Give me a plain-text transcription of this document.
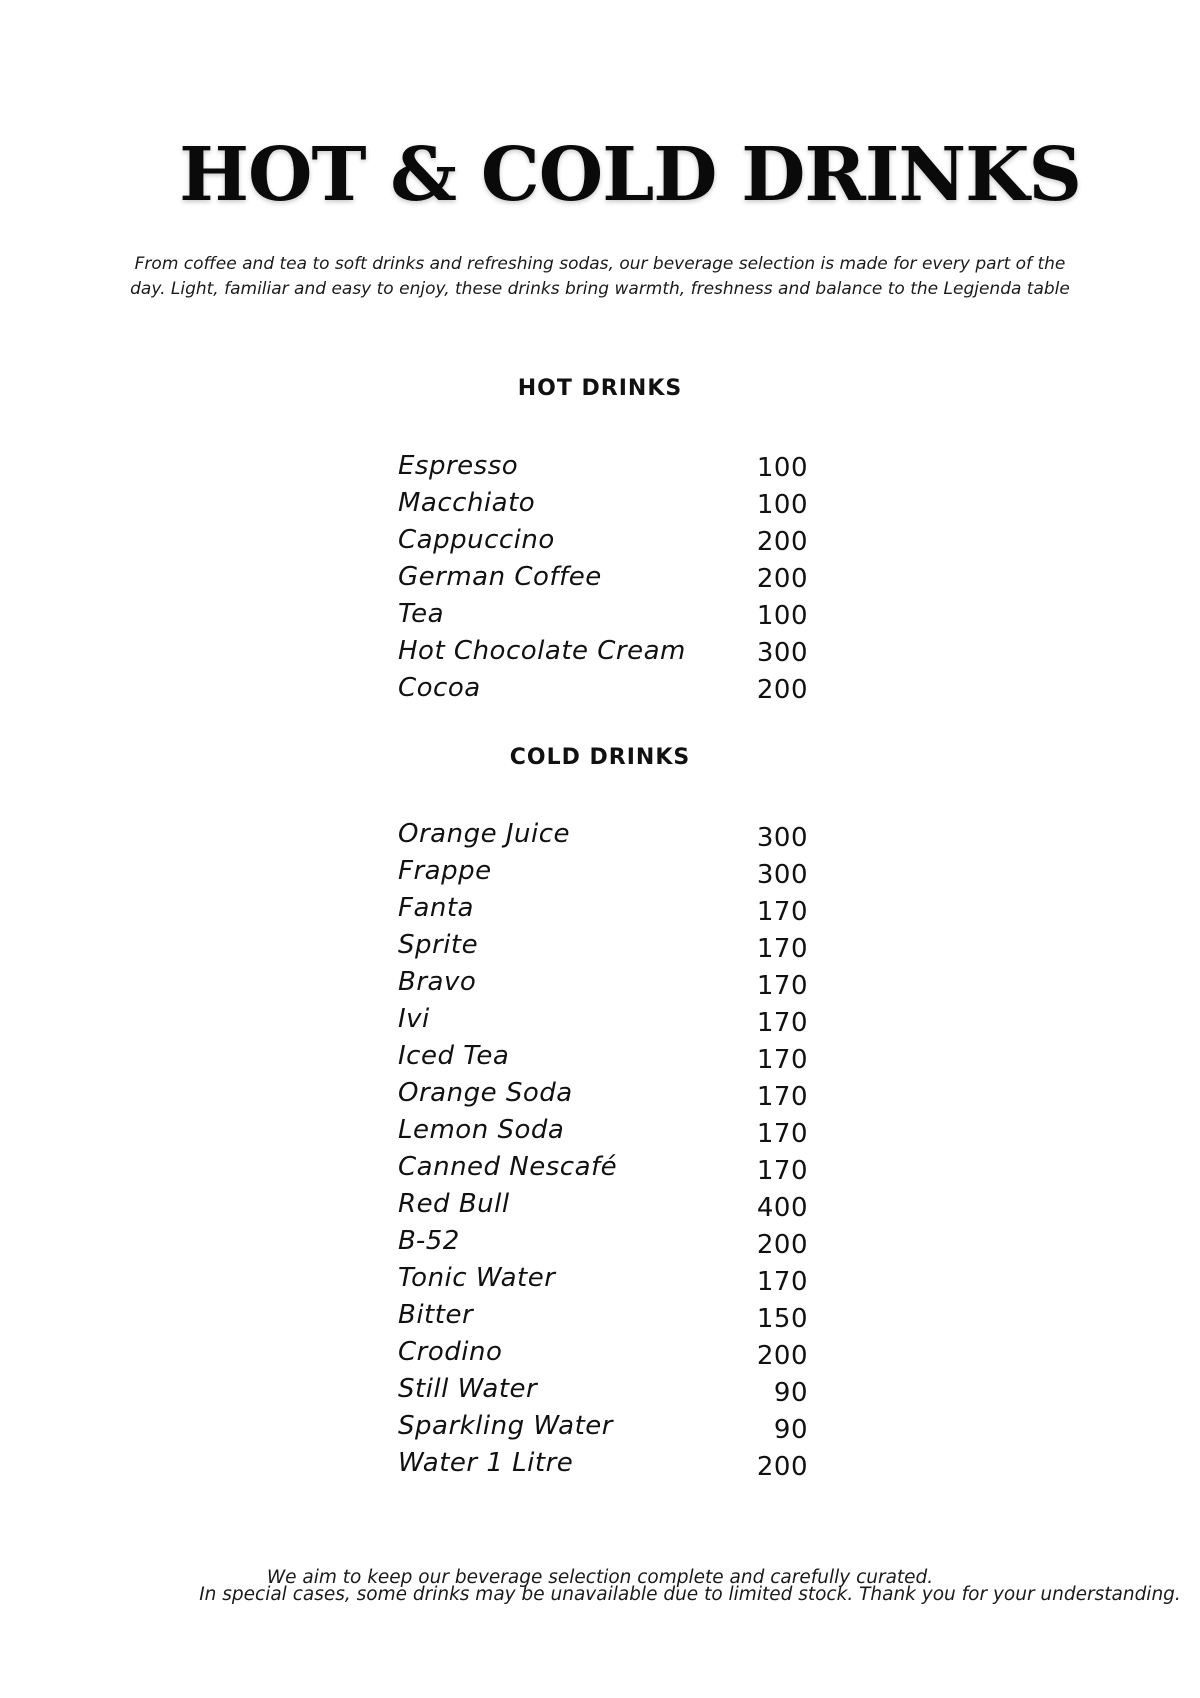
HOT & COLD DRINKS

From coffee and tea to soft drinks and refreshing sodas, our beverage selection is made for every part of the
day. Light, familiar and easy to enjoy, these drinks bring warmth, freshness and balance to the Legjenda table

HOT DRINKS
Espresso	100
Macchiato	100
Cappuccino	200
German Coffee	200
Tea	100
Hot Chocolate Cream	300
Cocoa	200
COLD DRINKS
Orange Juice	300
Frappe	300
Fanta	170
Sprite	170
Bravo	170
Ivi	170
Iced Tea	170
Orange Soda	170
Lemon Soda	170
Canned Nescafé	170
Red Bull	400
B-52	200
Tonic Water	170
Bitter	150
Crodino	200
Still Water	90
Sparkling Water	90
Water 1 Litre	200
We aim to keep our beverage selection complete and carefully curated.
In special cases, some drinks may be unavailable due to limited stock. Thank you for your understanding.
